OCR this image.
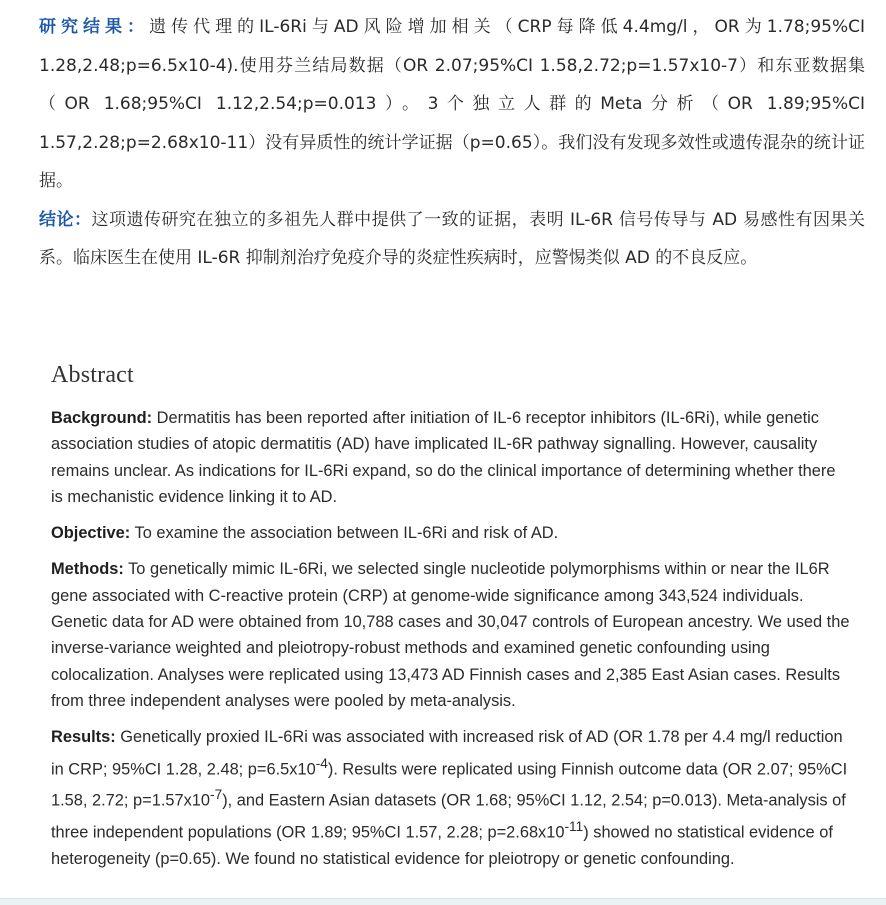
研究结果：遗传代理的IL-6Ri与AD风险增加相关（CRP每降低4.4mg/l，OR为1.78;95%CI 1.28,2.48;p=6.5x10-4).使用芬兰结局数据（OR 2.07;95%CI 1.58,2.72;p=1.57x10-7）和东亚数据集（OR 1.68;95%CI 1.12,2.54;p=0.013）。3个独立人群的Meta分析（OR 1.89;95%CI 1.57,2.28;p=2.68x10-11）没有异质性的统计学证据（p=0.65）。我们没有发现多效性或遗传混杂的统计证据。

结论：这项遗传研究在独立的多祖先人群中提供了一致的证据，表明 IL-6R 信号传导与 AD 易感性有因果关系。临床医生在使用 IL-6R 抑制剂治疗免疫介导的炎症性疾病时，应警惕类似 AD 的不良反应。

Abstract

Background: Dermatitis has been reported after initiation of IL-6 receptor inhibitors (IL-6Ri), while genetic association studies of atopic dermatitis (AD) have implicated IL-6R pathway signalling. However, causality remains unclear. As indications for IL-6Ri expand, so do the clinical importance of determining whether there is mechanistic evidence linking it to AD.

Objective: To examine the association between IL-6Ri and risk of AD.

Methods: To genetically mimic IL-6Ri, we selected single nucleotide polymorphisms within or near the IL6R gene associated with C-reactive protein (CRP) at genome-wide significance among 343,524 individuals. Genetic data for AD were obtained from 10,788 cases and 30,047 controls of European ancestry. We used the inverse-variance weighted and pleiotropy-robust methods and examined genetic confounding using colocalization. Analyses were replicated using 13,473 AD Finnish cases and 2,385 East Asian cases. Results from three independent analyses were pooled by meta-analysis.

Results: Genetically proxied IL-6Ri was associated with increased risk of AD (OR 1.78 per 4.4 mg/l reduction in CRP; 95%CI 1.28, 2.48; $p=6.5x10^{-4}$). Results were replicated using Finnish outcome data (OR 2.07; 95%CI 1.58, 2.72; $p=1.57x10^{-7}$), and Eastern Asian datasets (OR 1.68; 95%CI 1.12, 2.54; p=0.013). Meta-analysis of three independent populations (OR 1.89; 95%CI 1.57, 2.28; $p=2.68x10^{-11}$) showed no statistical evidence of heterogeneity (p=0.65). We found no statistical evidence for pleiotropy or genetic confounding.
